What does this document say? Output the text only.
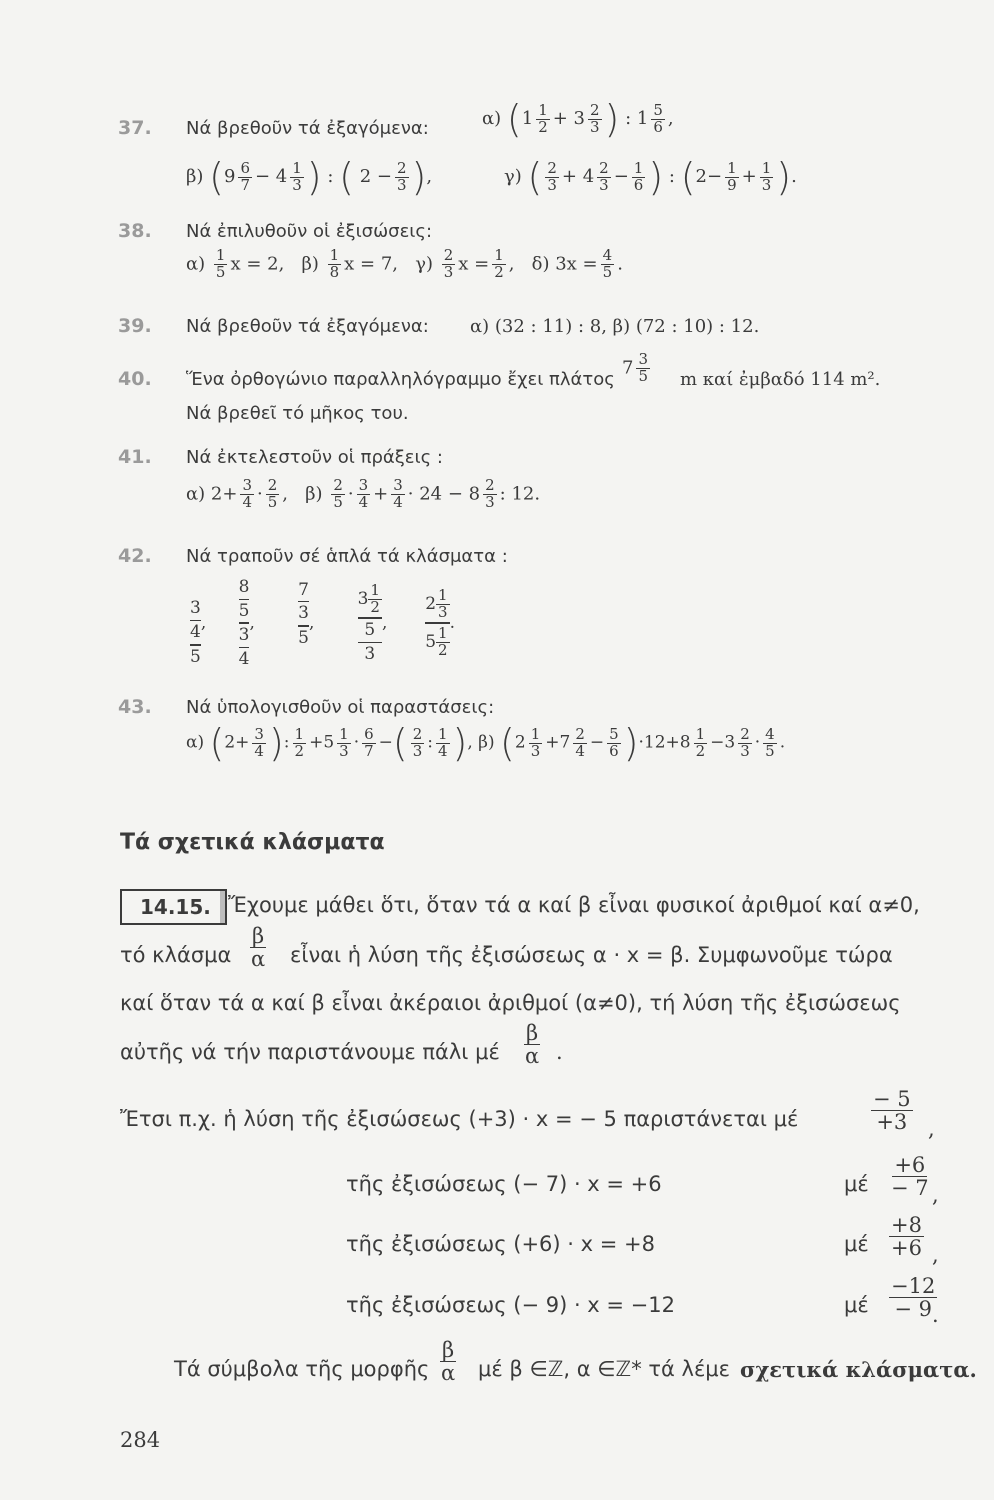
37. Νά βρεθοῦν τά ἐξαγόμενα:	α) ($1 \frac{1}{2} + 3 \frac{2}{3}$ ) : $1 \frac{5}{6}$ ,
β) ($9 \frac{6}{7} - 4 \frac{1}{3}$ ) : ( $2 - \frac{2}{3}$ ),	γ) ( $\frac{2}{3} + 4 \frac{2}{3} - \frac{1}{6}$ ) : ($2- \frac{1}{9} + \frac{1}{3}$ ).
38. Νά ἐπιλυθοῦν οἱ ἐξισώσεις:
$\alpha) \frac{1}{5}$ x = 2,   $\beta) \frac{1}{8}$ x = 7,   $\gamma) \frac{2}{3}$ $x = \frac{1}{2}$ ,   δ) $3x = \frac{4}{5}$ .
39. Νά βρεθοῦν τά ἐξαγόμενα: α) (32 : 11) : 8, β) (72 : 10) : 12.
40. Ἕνα ὀρθογώνιο παραλληλόγραμμο ἔχει πλάτος
$7 \frac{3}{5}$ m καί ἐμβαδό 114 m².
Νά βρεθεῖ τό μῆκος του.
41. Νά ἐκτελεστοῦν οἱ πράξεις :
α) $2+ \frac{3}{4} \cdot \frac{2}{5}$ ,   $\beta) \frac{2}{5} \cdot \frac{3}{4} + \frac{3}{4} \cdot 24 - 8 \frac{2}{3}$ : 12.
42. Νά τραποῦν σέ ἁπλά τά κλάσματα :

3
4
5
,
8
5
3
4
,
7
3
5

,
$3 \frac{1}{2}$
5
3
, $\frac{2 \frac{1}{3}}{5 \frac{1}{2}}$ .
43. Νά ὑπολογισθοῦν οἱ παραστάσεις:
α) ($2+ \frac{3}{4}$ ): $\frac{1}{2} +5 \frac{1}{3} \cdot \frac{6}{7}$ −( $\frac{2}{3}$ : $\frac{1}{4}$ ), β) $(2 \frac{1}{3} +7 \frac{2}{4} - \frac{5}{6} )\cdot 12+8 \frac{1}{2} -3 \frac{2}{3} \cdot \frac{4}{5}$ .
Τά σχετικά κλάσματα
14.15. Ἔχουμε μάθει ὅτι, ὅταν τά α καί β εἶναι φυσικοί ἀριθμοί καί α≠0,
τό κλάσμα $\frac{\beta}{\alpha}$ εἶναι ἡ λύση τῆς ἐξισώσεως α · x = β. Συμφωνοῦμε τώρα
καί ὅταν τά α καί β εἶναι ἀκέραιοι ἀριθμοί (α≠0), τή λύση τῆς ἐξισώσεως
αὐτῆς νά τήν παριστάνουμε πάλι μέ $\frac{\beta}{\alpha}$ .
Ἔτσι π.χ. ἡ λύση τῆς ἐξισώσεως (+3) · x = − 5 παριστάνεται μέ	$\frac{- 5}{+3}$ ,
τῆς ἐξισώσεως (− 7) · x = +6	μέ $\frac{+6}{- 7}$ ,
τῆς ἐξισώσεως (+6) · x = +8	μέ $\frac{+8}{+6}$ ,
τῆς ἐξισώσεως (− 9) · x = −12	μέ $\frac{-12}{- 9}$
.
Τά σύμβολα τῆς μορφῆς $\frac{\beta}{\alpha}$ μέ β ∈ℤ, α ∈ℤ* τά λέμε σχετικά κλάσματα.
284
